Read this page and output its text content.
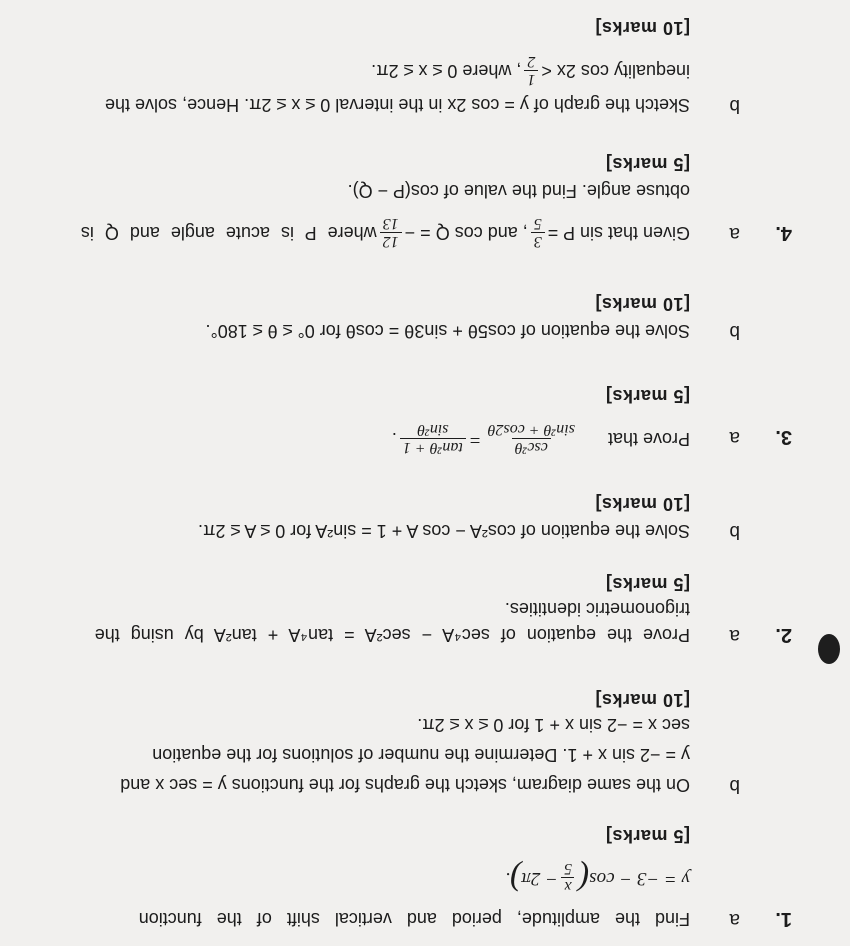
1.
a
Find the amplitude, period and vertical shift of the function
y = −3 − cos
(
x
5
− 2π
)
.
[5 marks]
b
On the same diagram, sketch the graphs for the functions y = sec x and
y = −2 sin x + 1. Determine the number of solutions for the equation
sec x = −2 sin x + 1 for 0 ≤ x ≤ 2π.
[10 marks]
2.
a
Prove the equation of sec⁴A − sec²A = tan⁴A + tan²A by using the
trigonometric identities.
[5 marks]
b
Solve the equation of cos²A − cos A + 1 = sin²A for 0 ≤ A ≤ 2π.
[10 marks]
3.
a
Prove that
csc²θ
sin²θ + cos2θ
=
tan²θ + 1
sin²θ
.
[5 marks]
b
Solve the equation of cos5θ + sin3θ = cosθ for 0° ≤ θ ≤ 180°.
[10 marks]
4.
a
Given that sin P =
3
5
, and cos Q = −
12
13
where P is acute angle and Q is
obtuse angle. Find the value of cos(P − Q).
[5 marks]
b
Sketch the graph of y = cos 2x in the interval 0 ≤ x ≤ 2π. Hence, solve the
inequality cos 2x <
1
2
, where 0 ≤ x ≤ 2π.
[10 marks]
